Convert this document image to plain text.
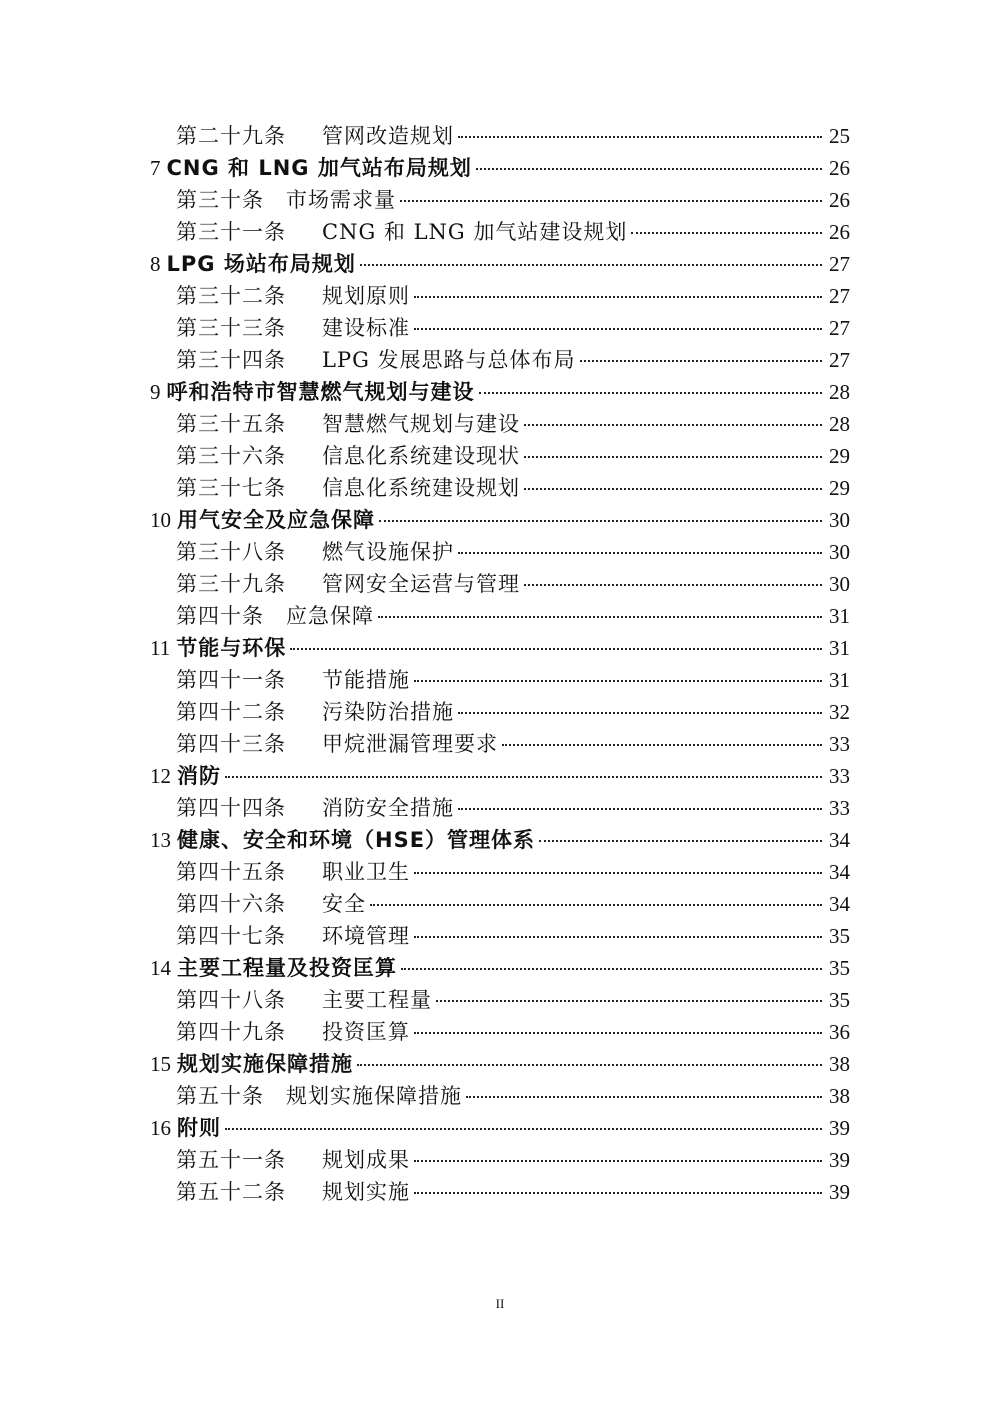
第二十九条 管网改造规划	25
7 CNG 和 LNG 加气站布局规划	26
第三十条 市场需求量	26
第三十一条 CNG 和 LNG 加气站建设规划	26
8 LPG 场站布局规划	27
第三十二条 规划原则	27
第三十三条 建设标准	27
第三十四条 LPG 发展思路与总体布局	27
9 呼和浩特市智慧燃气规划与建设	28
第三十五条 智慧燃气规划与建设	28
第三十六条 信息化系统建设现状	29
第三十七条 信息化系统建设规划	29
10 用气安全及应急保障	30
第三十八条 燃气设施保护	30
第三十九条 管网安全运营与管理	30
第四十条 应急保障	31
11 节能与环保	31
第四十一条 节能措施	31
第四十二条 污染防治措施	32
第四十三条 甲烷泄漏管理要求	33
12 消防	33
第四十四条 消防安全措施	33
13 健康、安全和环境（HSE）管理体系	34
第四十五条 职业卫生	34
第四十六条 安全	34
第四十七条 环境管理	35
14 主要工程量及投资匡算	35
第四十八条 主要工程量	35
第四十九条 投资匡算	36
15 规划实施保障措施	38
第五十条 规划实施保障措施	38
16 附则	39
第五十一条 规划成果	39
第五十二条 规划实施	39
II
